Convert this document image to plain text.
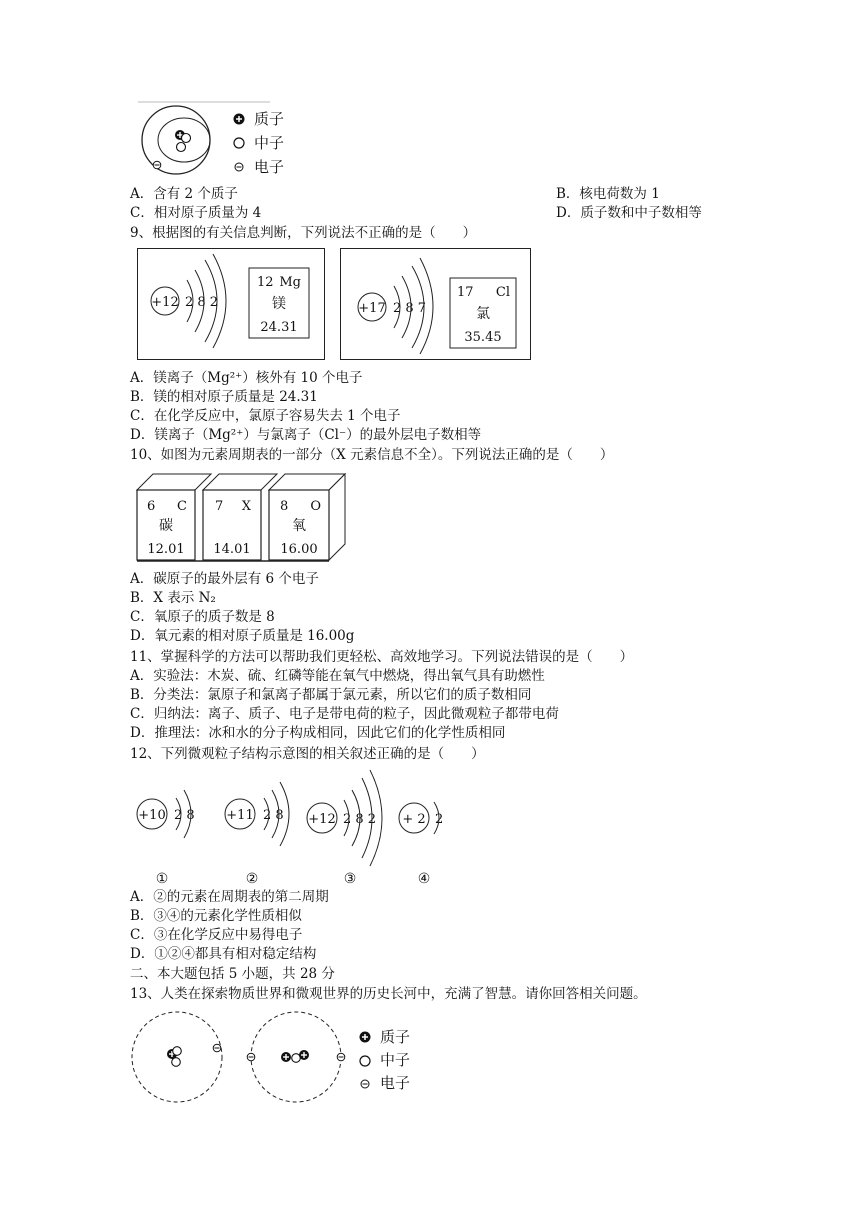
质子
中子
电子
A．含有 2 个质子	B．核电荷数为 1
C．相对原子质量为 4	D．质子数和中子数相等
9、根据图的有关信息判断，下列说法不正确的是（　　）
+12 2 8 2
12 Mg
镁
24.31
+17 2 8 7
17 Cl
氯
35.45
A．镁离子（Mg²⁺）核外有 10 个电子
B．镁的相对原子质量是 24.31
C．在化学反应中，氯原子容易失去 1 个电子
D．镁离子（Mg²⁺）与氯离子（Cl⁻）的最外层电子数相等
10、如图为元素周期表的一部分（X 元素信息不全）。下列说法正确的是（　　）
6 C
碳
12.01
7 X
14.01
8 O
氧
16.00
A．碳原子的最外层有 6 个电子
B．X 表示 N₂
C．氧原子的质子数是 8
D．氧元素的相对原子质量是 16.00g
11、掌握科学的方法可以帮助我们更轻松、高效地学习。下列说法错误的是（　　）
A．实验法：木炭、硫、红磷等能在氧气中燃烧，得出氧气具有助燃性
B．分类法：氯原子和氯离子都属于氯元素，所以它们的质子数相同
C．归纳法：离子、质子、电子是带电荷的粒子，因此微观粒子都带电荷
D．推理法：冰和水的分子构成相同，因此它们的化学性质相同
12、下列微观粒子结构示意图的相关叙述正确的是（　　）
+10 2 8
①
+11 2 8
②
+12 2 8 2
③
+ 2 2
④
A．②的元素在周期表的第二周期
B．③④的元素化学性质相似
C．③在化学反应中易得电子
D．①②④都具有相对稳定结构
二、本大题包括 5 小题，共 28 分
13、人类在探索物质世界和微观世界的历史长河中，充满了智慧。请你回答相关问题。
质子
中子
电子
